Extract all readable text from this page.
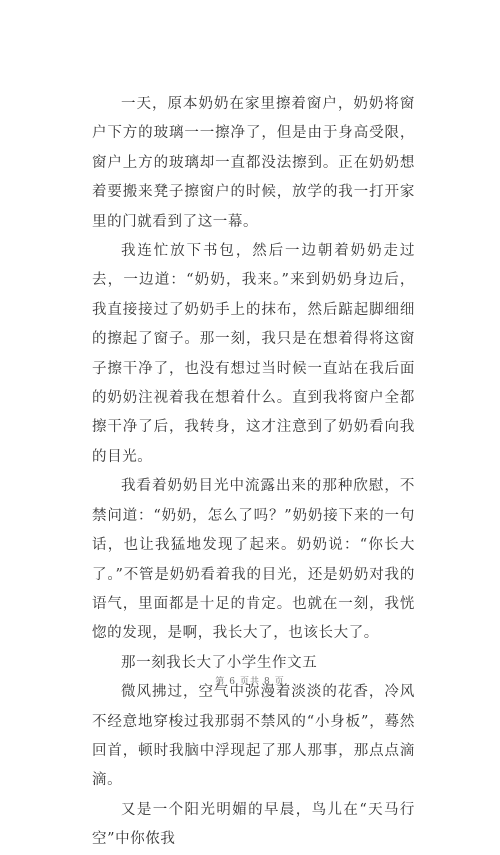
一天，原本奶奶在家里擦着窗户，奶奶将窗户下方的玻璃一一擦净了，但是由于身高受限，窗户上方的玻璃却一直都没法擦到。正在奶奶想着要搬来凳子擦窗户的时候，放学的我一打开家里的门就看到了这一幕。

我连忙放下书包，然后一边朝着奶奶走过去，一边道：“奶奶，我来。”来到奶奶身边后，我直接接过了奶奶手上的抹布，然后踮起脚细细的擦起了窗子。那一刻，我只是在想着得将这窗子擦干净了，也没有想过当时候一直站在我后面的奶奶注视着我在想着什么。直到我将窗户全都擦干净了后，我转身，这才注意到了奶奶看向我的目光。

我看着奶奶目光中流露出来的那种欣慰，不禁问道：“奶奶，怎么了吗？”奶奶接下来的一句话，也让我猛地发现了起来。奶奶说：“你长大了。”不管是奶奶看着我的目光，还是奶奶对我的语气，里面都是十足的肯定。也就在一刻，我恍惚的发现，是啊，我长大了，也该长大了。

那一刻我长大了小学生作文五

微风拂过，空气中弥漫着淡淡的花香，冷风不经意地穿梭过我那弱不禁风的“小身板”，蓦然回首，顿时我脑中浮现起了那人那事，那点点滴滴。

又是一个阳光明媚的早晨，鸟儿在“天马行空”中你侬我

第 6 页共 8 页
